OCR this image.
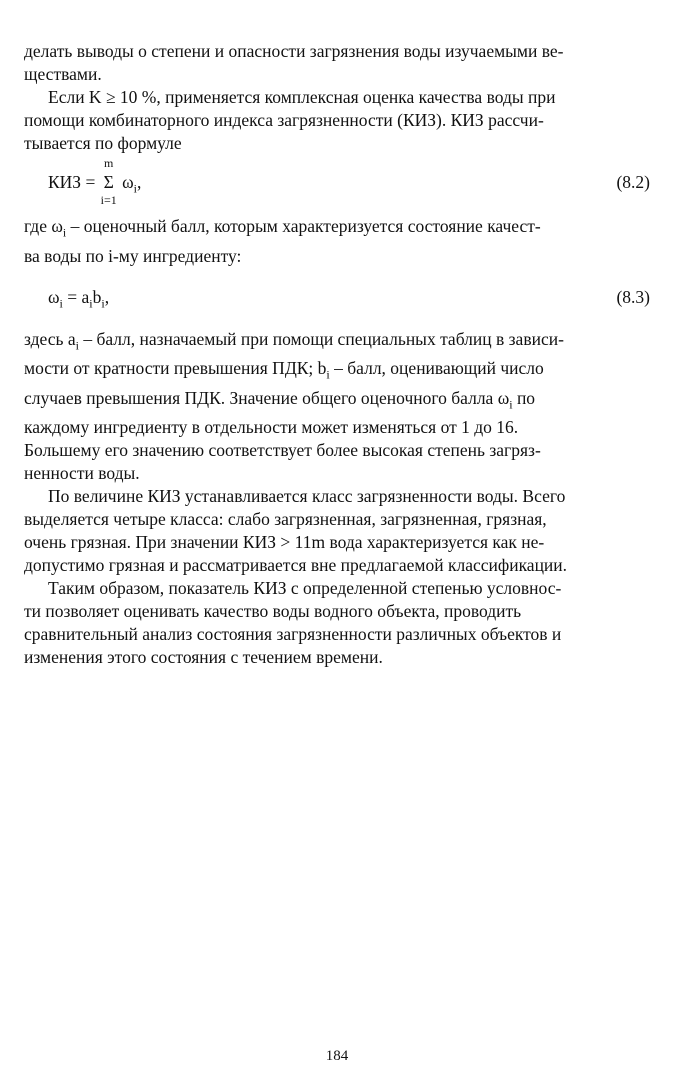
делать выводы о степени и опасности загрязнения воды изучаемыми ве-
ществами.

Если K ≥ 10 %, применяется комплексная оценка качества воды при
помощи комбинаторного индекса загрязненности (КИЗ). КИЗ рассчи-
тывается по формуле

КИЗ =
m
Σ
i=1
$\omega_i$,	(8.2)

где $\omega_i$ – оценочный балл, которым характеризуется состояние качест-
ва воды по i-му ингредиенту:

$\omega_i = a_ib_i$,	(8.3)

здесь $a_i$ – балл, назначаемый при помощи специальных таблиц в зависи-
мости от кратности превышения ПДК; $b_i$ – балл, оценивающий число
случаев превышения ПДК. Значение общего оценочного балла $\omega_i$ по
каждому ингредиенту в отдельности может изменяться от 1 до 16.
Большему его значению соответствует более высокая степень загряз-
ненности воды.

По величине КИЗ устанавливается класс загрязненности воды. Всего
выделяется четыре класса: слабо загрязненная, загрязненная, грязная,
очень грязная. При значении КИЗ > 11m вода характеризуется как не-
допустимо грязная и рассматривается вне предлагаемой классификации.

Таким образом, показатель КИЗ с определенной степенью условнос-
ти позволяет оценивать качество воды водного объекта, проводить
сравнительный анализ состояния загрязненности различных объектов и
изменения этого состояния с течением времени.

184
